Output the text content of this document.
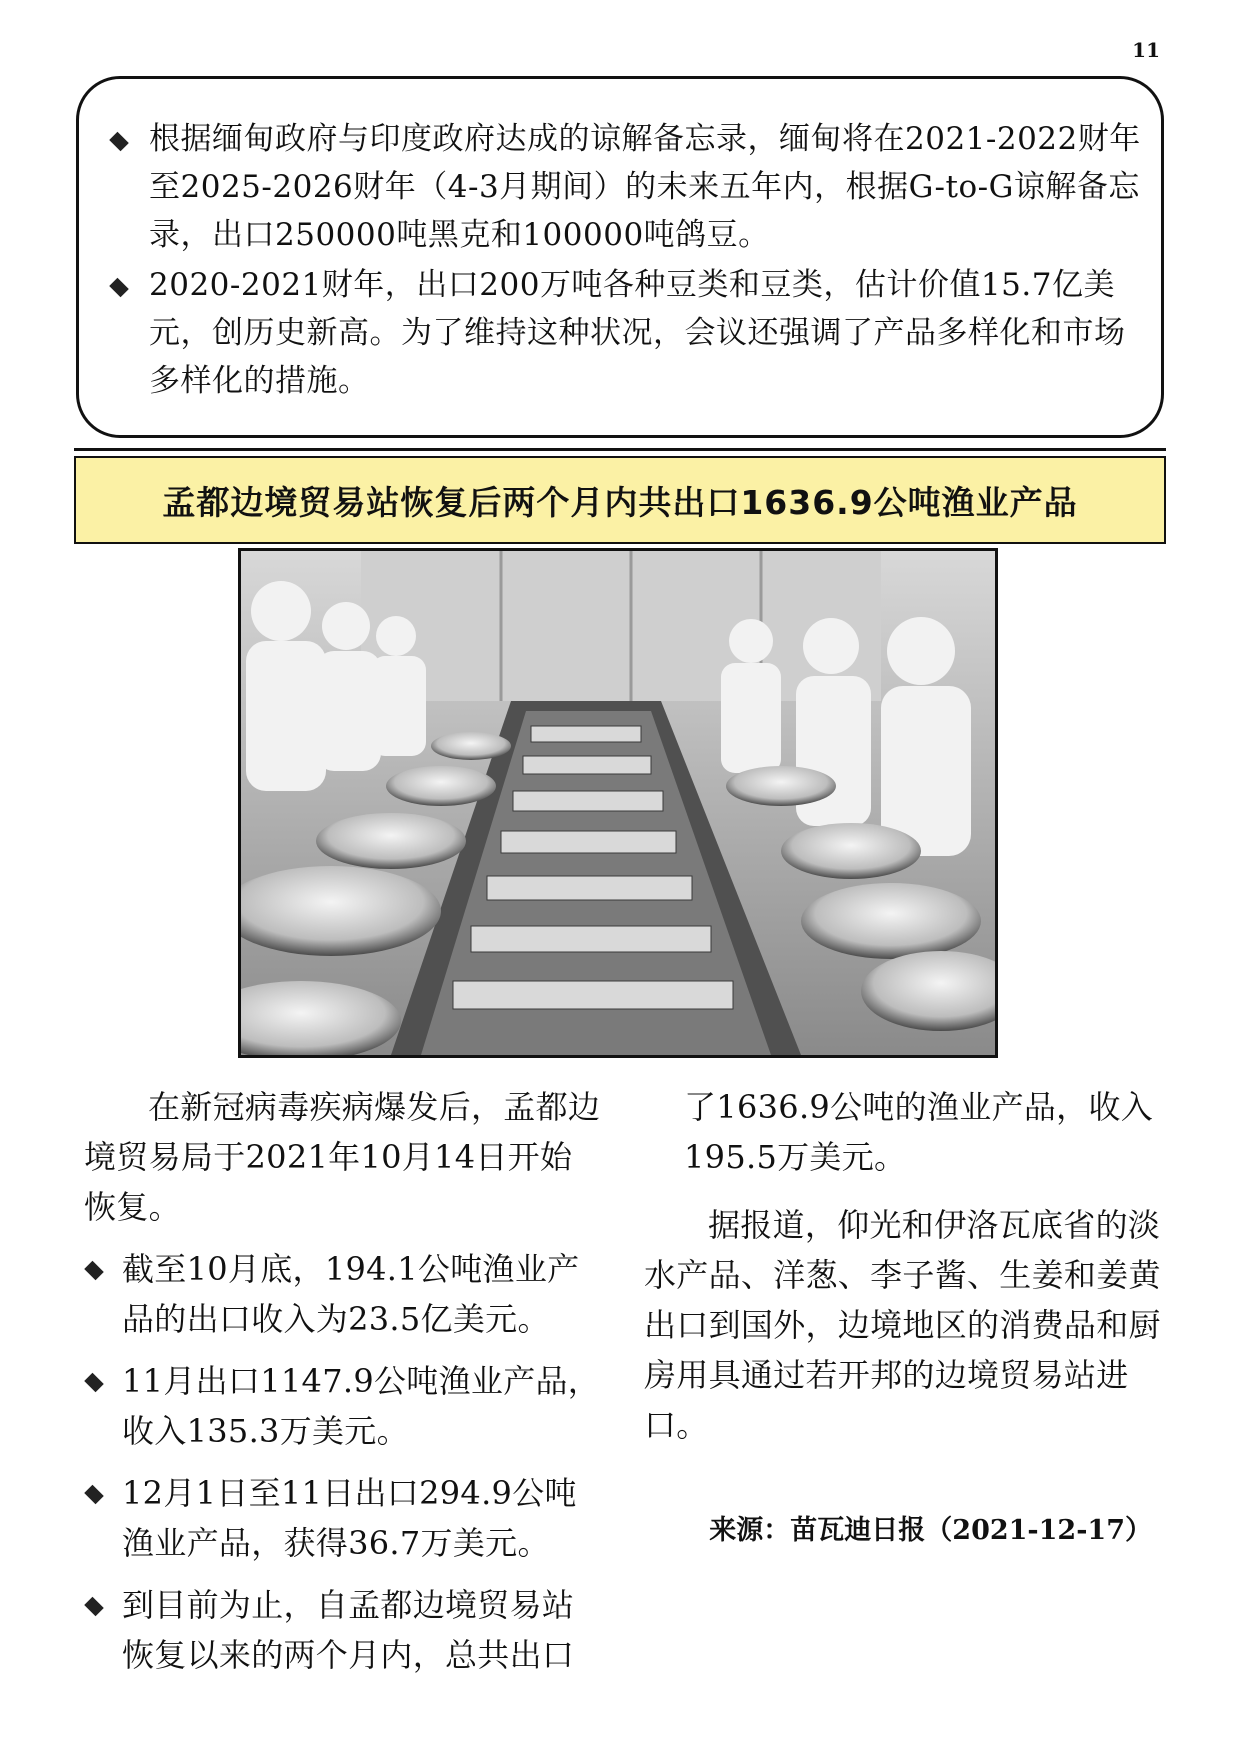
11
根据缅甸政府与印度政府达成的谅解备忘录，缅甸将在2021-2022财年至2025-2026财年（4-3月期间）的未来五年内，根据G-to-G谅解备忘录，出口250000吨黑克和100000吨鸽豆。
2020-2021财年，出口200万吨各种豆类和豆类，估计价值15.7亿美元，创历史新高。为了维持这种状况，会议还强调了产品多样化和市场多样化的措施。
孟都边境贸易站恢复后两个月内共出口1636.9公吨渔业产品

在新冠病毒疾病爆发后，孟都边境贸易局于2021年10月14日开始恢复。

截至10月底，194.1公吨渔业产品的出口收入为23.5亿美元。
11月出口1147.9公吨渔业产品，收入135.3万美元。
12月1日至11日出口294.9公吨渔业产品，获得36.7万美元。
到目前为止，自孟都边境贸易站恢复以来的两个月内，总共出口

了1636.9公吨的渔业产品，收入195.5万美元。

据报道，仰光和伊洛瓦底省的淡水产品、洋葱、李子酱、生姜和姜黄出口到国外，边境地区的消费品和厨房用具通过若开邦的边境贸易站进口。

来源：苗瓦迪日报（2021-12-17）
